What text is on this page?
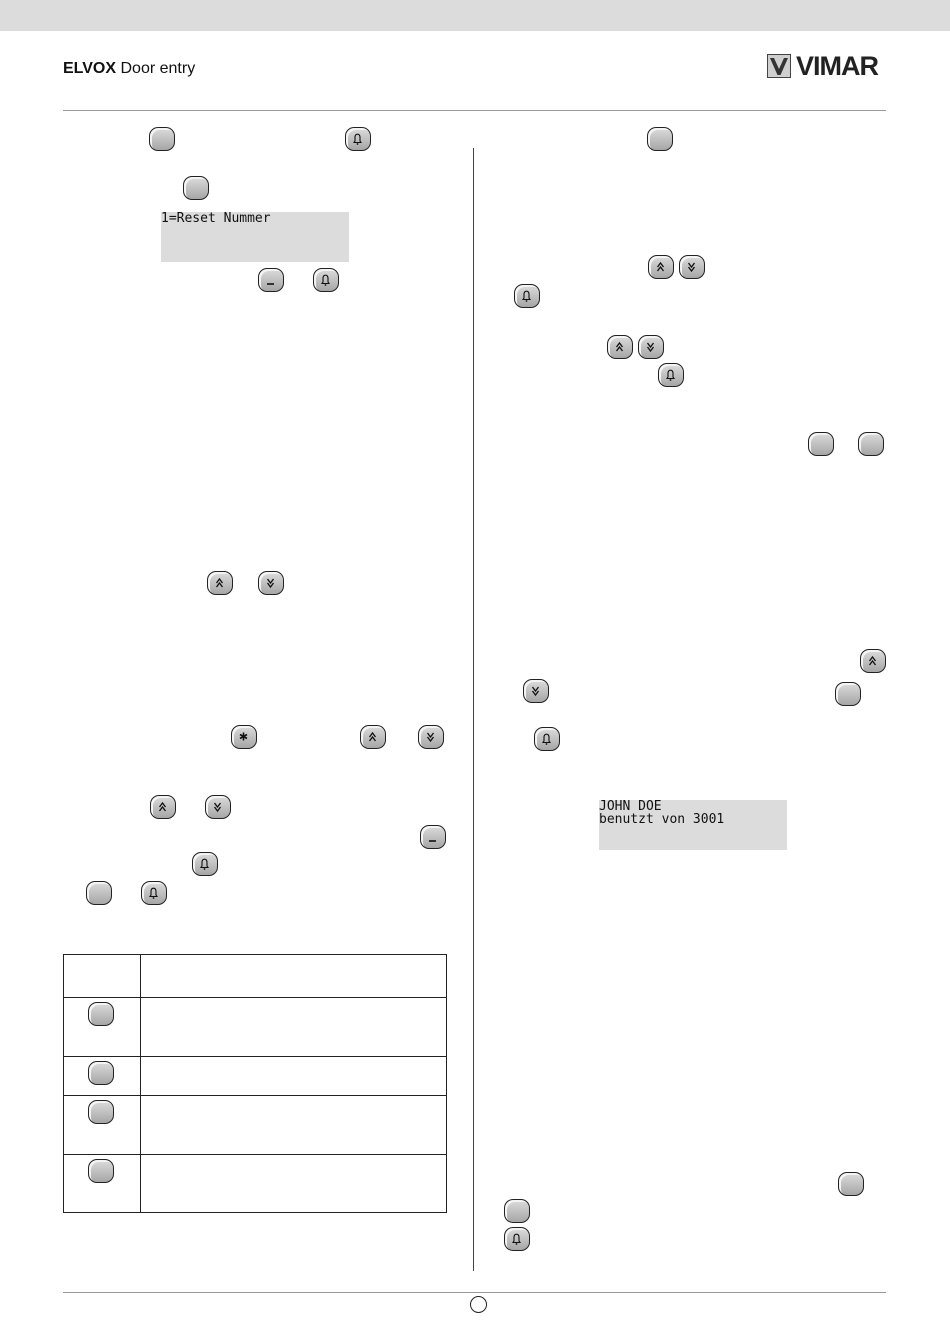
ELVOX Door entry	VIMAR
1=Reset Nummer
JOHN DOE
benutzt von 3001
